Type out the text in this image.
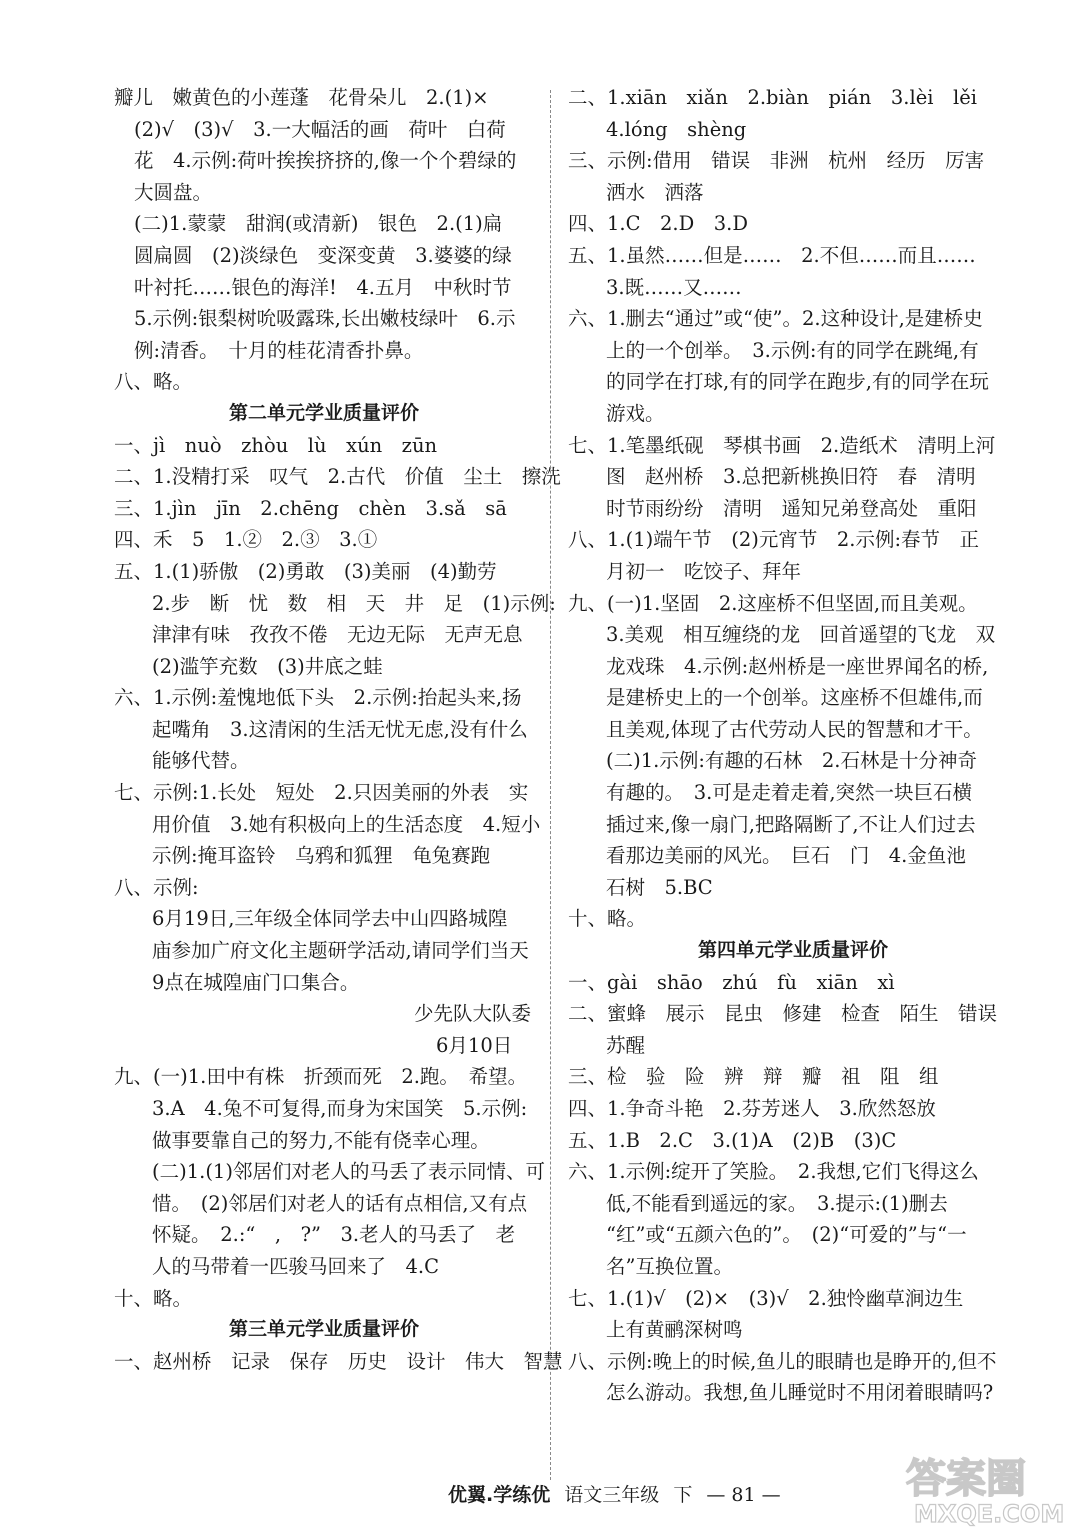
瓣儿　嫩黄色的小莲蓬　花骨朵儿　2.(1)×
(2)√　(3)√　3.一大幅活的画　荷叶　白荷
花　4.示例:荷叶挨挨挤挤的,像一个个碧绿的
大圆盘。
(二)1.蒙蒙　甜润(或清新)　银色　2.(1)扁
圆扁圆　(2)淡绿色　变深变黄　3.婆婆的绿
叶衬托……银色的海洋!　4.五月　中秋时节
5.示例:银梨树吮吸露珠,长出嫩枝绿叶　6.示
例:清香。　十月的桂花清香扑鼻。
八、略。
第二单元学业质量评价
一、jì　nuò　zhòu　lù　xún　zūn
二、1.没精打采　叹气　2.古代　价值　尘土　擦洗
三、1.jìn　jīn　2.chēng　chèn　3.sǎ　sā
四、禾　5　1.②　2.③　3.①
五、1.(1)骄傲　(2)勇敢　(3)美丽　(4)勤劳
2.步　断　忧　数　相　天　井　足　(1)示例:
津津有味　孜孜不倦　无边无际　无声无息
(2)滥竽充数　(3)井底之蛙
六、1.示例:羞愧地低下头　2.示例:抬起头来,扬
起嘴角　3.这清闲的生活无忧无虑,没有什么
能够代替。
七、示例:1.长处　短处　2.只因美丽的外表　实
用价值　3.她有积极向上的生活态度　4.短小
示例:掩耳盗铃　乌鸦和狐狸　龟兔赛跑
八、示例:
6月19日,三年级全体同学去中山四路城隍
庙参加广府文化主题研学活动,请同学们当天
9点在城隍庙门口集合。
少先队大队委
6月10日
九、(一)1.田中有株　折颈而死　2.跑。　希望。
3.A　4.兔不可复得,而身为宋国笑　5.示例:
做事要靠自己的努力,不能有侥幸心理。
(二)1.(1)邻居们对老人的马丢了表示同情、可
惜。　(2)邻居们对老人的话有点相信,又有点
怀疑。　2.:“　,　?”　3.老人的马丢了　老
人的马带着一匹骏马回来了　4.C
十、略。
第三单元学业质量评价
一、赵州桥　记录　保存　历史　设计　伟大　智慧
二、1.xiān　xiǎn　2.biàn　pián　3.lèi　lěi
4.lóng　shèng
三、示例:借用　错误　非洲　杭州　经历　厉害
洒水　洒落
四、1.C　2.D　3.D
五、1.虽然……但是……　2.不但……而且……
3.既……又……
六、1.删去“通过”或“使”。2.这种设计,是建桥史
上的一个创举。　3.示例:有的同学在跳绳,有
的同学在打球,有的同学在跑步,有的同学在玩
游戏。
七、1.笔墨纸砚　琴棋书画　2.造纸术　清明上河
图　赵州桥　3.总把新桃换旧符　春　清明
时节雨纷纷　清明　遥知兄弟登高处　重阳
八、1.(1)端午节　(2)元宵节　2.示例:春节　正
月初一　吃饺子、拜年
九、(一)1.坚固　2.这座桥不但坚固,而且美观。
3.美观　相互缠绕的龙　回首遥望的飞龙　双
龙戏珠　4.示例:赵州桥是一座世界闻名的桥,
是建桥史上的一个创举。这座桥不但雄伟,而
且美观,体现了古代劳动人民的智慧和才干。
(二)1.示例:有趣的石林　2.石林是十分神奇
有趣的。　3.可是走着走着,突然一块巨石横
插过来,像一扇门,把路隔断了,不让人们过去
看那边美丽的风光。　巨石　门　4.金鱼池
石树　5.BC
十、略。
第四单元学业质量评价
一、gài　shāo　zhú　fù　xiān　xì
二、蜜蜂　展示　昆虫　修建　检查　陌生　错误
苏醒
三、检　验　险　辨　辩　瓣　祖　阻　组
四、1.争奇斗艳　2.芬芳迷人　3.欣然怒放
五、1.B　2.C　3.(1)A　(2)B　(3)C
六、1.示例:绽开了笑脸。　2.我想,它们飞得这么
低,不能看到遥远的家。　3.提示:(1)删去
“红”或“五颜六色的”。　(2)“可爱的”与“一
名”互换位置。
七、1.(1)√　(2)×　(3)√　2.独怜幽草涧边生
上有黄鹂深树鸣
八、示例:晚上的时候,鱼儿的眼睛也是睁开的,但不
怎么游动。我想,鱼儿睡觉时不用闭着眼睛吗?
优翼.学练优 语文三年级 下 — 81 —	答案圈
MXQE.COM
